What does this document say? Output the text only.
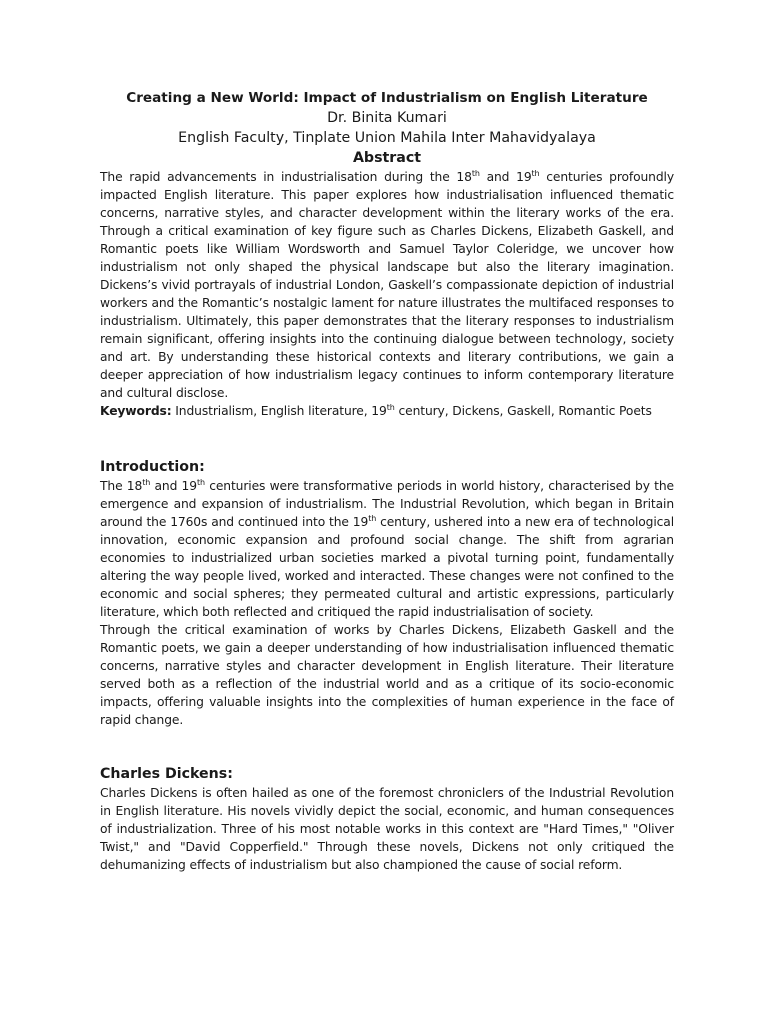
Creating a New World: Impact of Industrialism on English Literature

Dr. Binita Kumari

English Faculty, Tinplate Union Mahila Inter Mahavidyalaya

Abstract

The rapid advancements in industrialisation during the 18th and 19th centuries profoundly impacted English literature. This paper explores how industrialisation influenced thematic concerns, narrative styles, and character development within the literary works of the era. Through a critical examination of key figure such as Charles Dickens, Elizabeth Gaskell, and Romantic poets like William Wordsworth and Samuel Taylor Coleridge, we uncover how industrialism not only shaped the physical landscape but also the literary imagination. Dickens’s vivid portrayals of industrial London, Gaskell’s compassionate depiction of industrial workers and the Romantic’s nostalgic lament for nature illustrates the multifaced responses to industrialism. Ultimately, this paper demonstrates that the literary responses to industrialism remain significant, offering insights into the continuing dialogue between technology, society and art. By understanding these historical contexts and literary contributions, we gain a deeper appreciation of how industrialism legacy continues to inform contemporary literature and cultural disclose.

Keywords: Industrialism, English literature, 19th century, Dickens, Gaskell, Romantic Poets

Introduction:

The 18th and 19th centuries were transformative periods in world history, characterised by the emergence and expansion of industrialism. The Industrial Revolution, which began in Britain around the 1760s and continued into the 19th century, ushered into a new era of technological innovation, economic expansion and profound social change. The shift from agrarian economies to industrialized urban societies marked a pivotal turning point, fundamentally altering the way people lived, worked and interacted. These changes were not confined to the economic and social spheres; they permeated cultural and artistic expressions, particularly literature, which both reflected and critiqued the rapid industrialisation of society.

Through the critical examination of works by Charles Dickens, Elizabeth Gaskell and the Romantic poets, we gain a deeper understanding of how industrialisation influenced thematic concerns, narrative styles and character development in English literature. Their literature served both as a reflection of the industrial world and as a critique of its socio-economic impacts, offering valuable insights into the complexities of human experience in the face of rapid change.

Charles Dickens:

Charles Dickens is often hailed as one of the foremost chroniclers of the Industrial Revolution in English literature. His novels vividly depict the social, economic, and human consequences of industrialization. Three of his most notable works in this context are "Hard Times," "Oliver Twist," and "David Copperfield." Through these novels, Dickens not only critiqued the dehumanizing effects of industrialism but also championed the cause of social reform.
